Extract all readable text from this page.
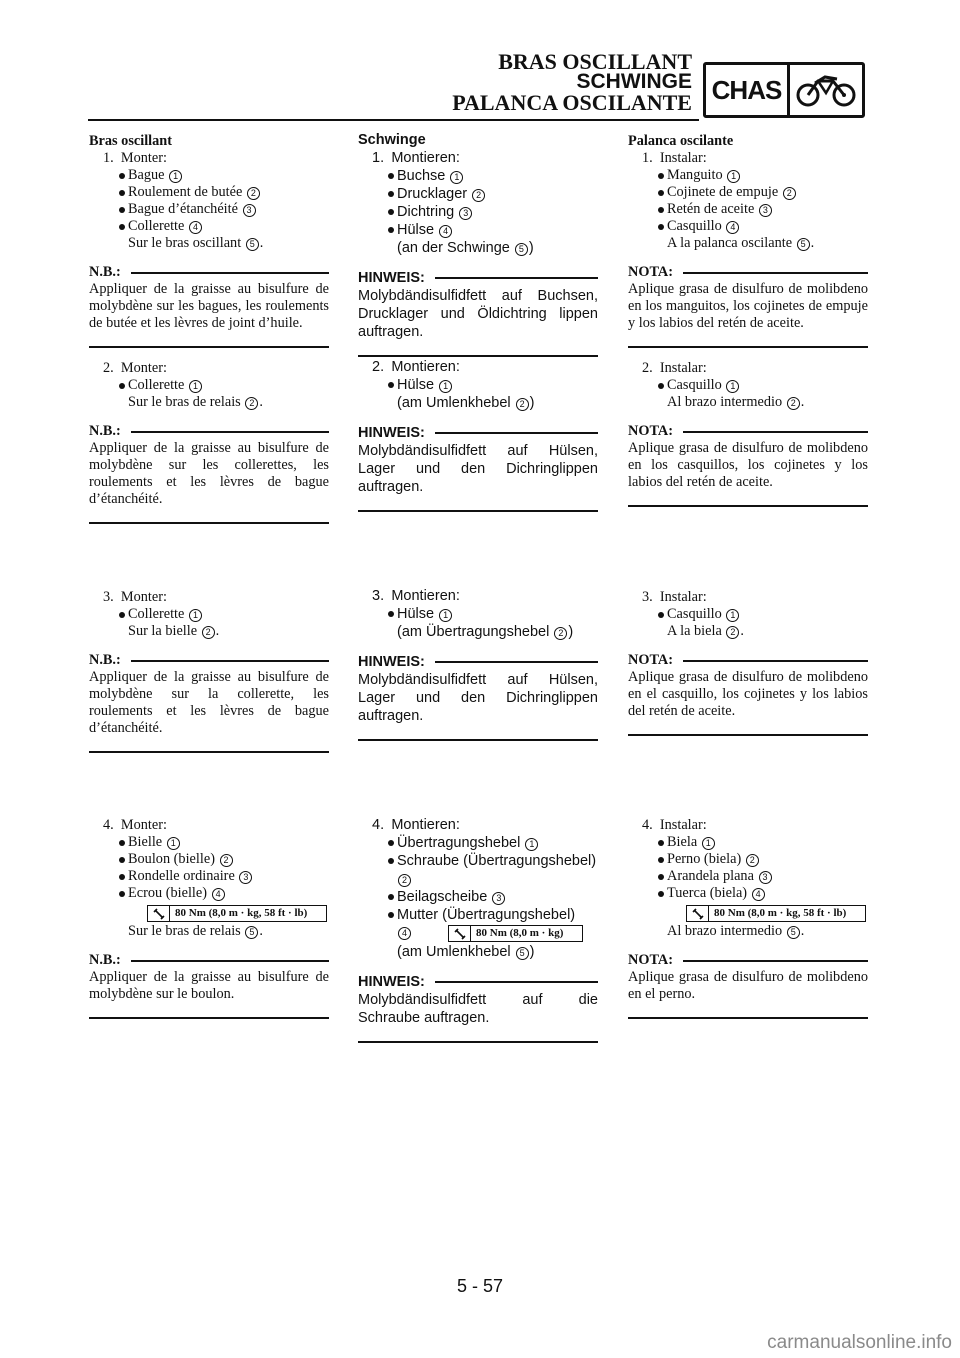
BRAS OSCILLANT
SCHWINGE
PALANCA OSCILANTE CHAS
Bras oscillant
1. Monter:
Bague 1
Roulement de butée 2
Bague d’étanchéité 3
Collerette 4
Sur le bras oscillant 5 .
N.B.:
Appliquer de la graisse au bisulfure de molybdène sur les bagues, les roulements de butée et les lèvres de joint d’huile.
2. Monter:
Collerette 1
Sur le bras de relais 2 .
N.B.:
Appliquer de la graisse au bisulfure de molybdène sur les collerettes, les roulements et les lèvres de bague d’étanchéité.
3. Monter:
Collerette 1
Sur la bielle 2 .
N.B.:
Appliquer de la graisse au bisulfure de molybdène sur la collerette, les roulements et les lèvres de bague d’étanchéité.
4. Monter:
Bielle 1
Boulon (bielle) 2
Rondelle ordinaire 3
Ecrou (bielle) 4
80 Nm (8,0 m · kg, 58 ft · lb)
Sur le bras de relais 5 .
N.B.:
Appliquer de la graisse au bisulfure de molybdène sur le boulon.
Schwinge
1. Montieren:
Buchse 1
Drucklager 2
Dichtring 3
Hülse 4
(an der Schwinge 5 )
HINWEIS:
Molybdändisulfidfett auf Buchsen, Drucklager und Öldichtring lippen auftragen.
2. Montieren:
Hülse 1
(am Umlenkhebel 2 )
HINWEIS:
Molybdändisulfidfett auf Hülsen, Lager und den Dichringlippen auftragen.
3. Montieren:
Hülse 1
(am Übertragungshebel 2 )
HINWEIS:
Molybdändisulfidfett auf Hülsen, Lager und den Dichringlippen auftragen.
4. Montieren:
Übertragungshebel 1
Schraube (Übertragungshebel) 2
Beilagscheibe 3
Mutter (Übertragungshebel)
4	80 Nm (8,0 m · kg)
(am Umlenkhebel 5 )
HINWEIS:
Molybdändisulfidfett auf die Schraube auftragen.
Palanca oscilante
1. Instalar:
Manguito 1
Cojinete de empuje 2
Retén de aceite 3
Casquillo 4
A la palanca oscilante 5 .
NOTA:
Aplique grasa de disulfuro de molibdeno en los manguitos, los cojinetes de empuje y los labios del retén de aceite.
2. Instalar:
Casquillo 1
Al brazo intermedio 2 .
NOTA:
Aplique grasa de disulfuro de molibdeno en los casquillos, los cojinetes y los labios del retén de aceite.
3. Instalar:
Casquillo 1
A la biela 2 .
NOTA:
Aplique grasa de disulfuro de molibdeno en el casquillo, los cojinetes y los labios del retén de aceite.
4. Instalar:
Biela 1
Perno (biela) 2
Arandela plana 3
Tuerca (biela) 4
80 Nm (8,0 m · kg, 58 ft · lb)
Al brazo intermedio 5 .
NOTA:
Aplique grasa de disulfuro de molibdeno en el perno.
5 - 57
carmanualsonline.info
